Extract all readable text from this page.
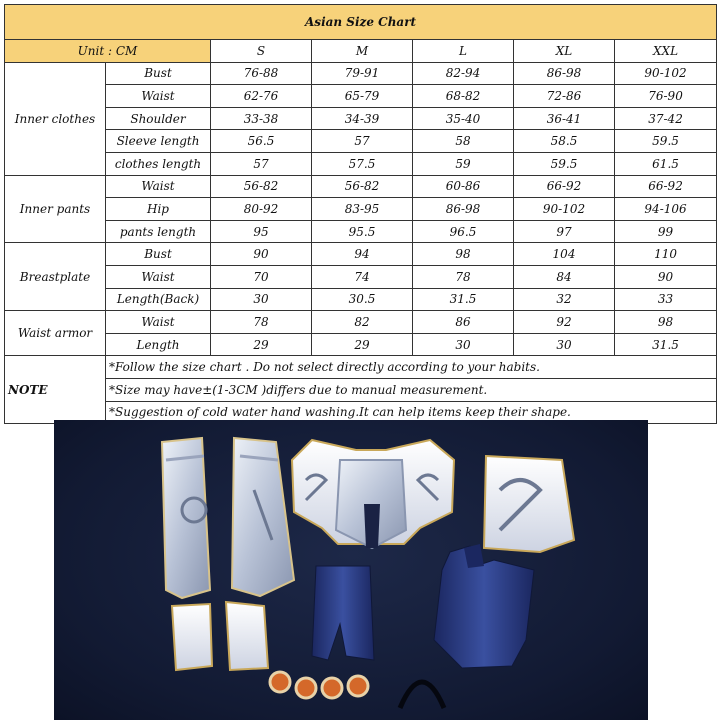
Asian Size Chart						
Unit : CM		S	M	L	XL	XXL
Inner clothes	Bust	76-88	79-91	82-94	86-98	90-102
	Waist	62-76	65-79	68-82	72-86	76-90
	Shoulder	33-38	34-39	35-40	36-41	37-42
	Sleeve length	56.5	57	58	58.5	59.5
	clothes length	57	57.5	59	59.5	61.5
Inner pants	Waist	56-82	56-82	60-86	66-92	66-92
	Hip	80-92	83-95	86-98	90-102	94-106
	pants length	95	95.5	96.5	97	99
Breastplate	Bust	90	94	98	104	110
	Waist	70	74	78	84	90
	Length(Back)	30	30.5	31.5	32	33
Waist armor	Waist	78	82	86	92	98
	Length	29	29	30	30	31.5
NOTE	*Follow the size chart . Do not select directly according to your habits.					
	*Size may have±(1-3CM )differs due to manual measurement.					
	*Suggestion of cold water hand washing.It can help items keep their shape.					
